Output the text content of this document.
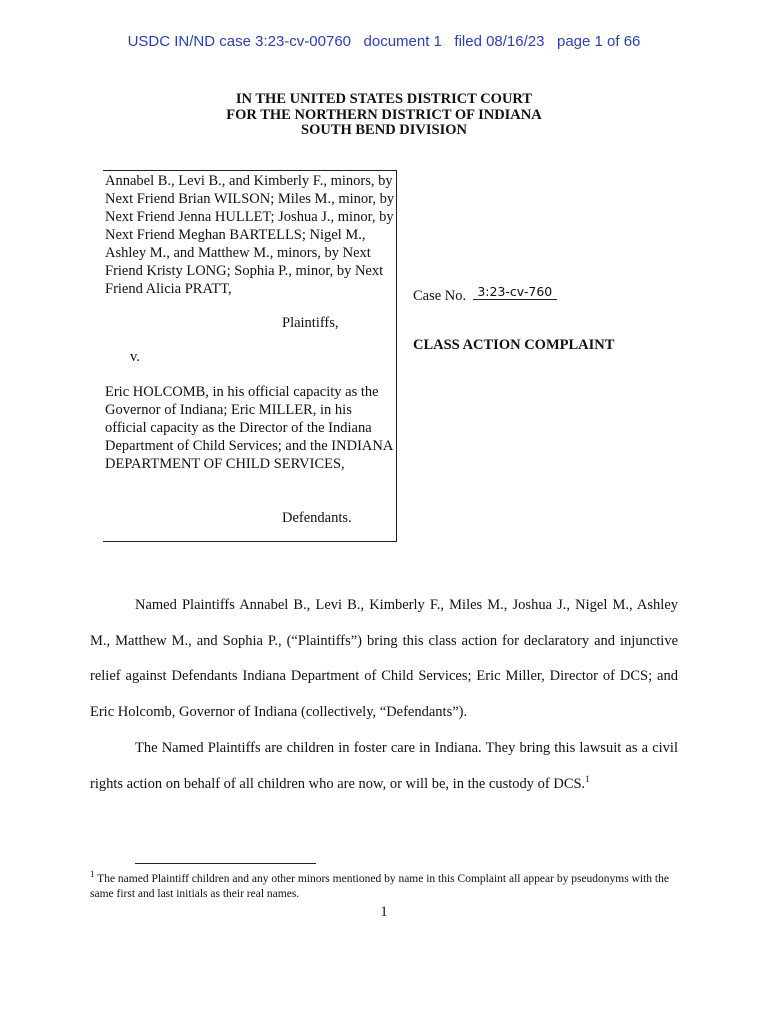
USDC IN/ND case 3:23-cv-00760   document 1   filed 08/16/23   page 1 of 66
IN THE UNITED STATES DISTRICT COURT
FOR THE NORTHERN DISTRICT OF INDIANA
SOUTH BEND DIVISION
Annabel B., Levi B., and Kimberly F., minors, by Next Friend Brian WILSON; Miles M., minor, by Next Friend Jenna HULLET; Joshua J., minor, by Next Friend Meghan BARTELLS; Nigel M., Ashley M., and Matthew M., minors, by Next Friend Kristy LONG; Sophia P., minor, by Next Friend Alicia PRATT,
Plaintiffs,
v.
Eric HOLCOMB, in his official capacity as the Governor of Indiana; Eric MILLER, in his official capacity as the Director of the Indiana Department of Child Services; and the INDIANA DEPARTMENT OF CHILD SERVICES,
Defendants.
Case No. 3:23-cv-760
CLASS ACTION COMPLAINT
Named Plaintiffs Annabel B., Levi B., Kimberly F., Miles M., Joshua J., Nigel M., Ashley M., Matthew M., and Sophia P., (“Plaintiffs”) bring this class action for declaratory and injunctive relief against Defendants Indiana Department of Child Services; Eric Miller, Director of DCS; and Eric Holcomb, Governor of Indiana (collectively, “Defendants”).
The Named Plaintiffs are children in foster care in Indiana. They bring this lawsuit as a civil rights action on behalf of all children who are now, or will be, in the custody of DCS.$^1$
$^1$ The named Plaintiff children and any other minors mentioned by name in this Complaint all appear by pseudonyms with the same first and last initials as their real names.
1
